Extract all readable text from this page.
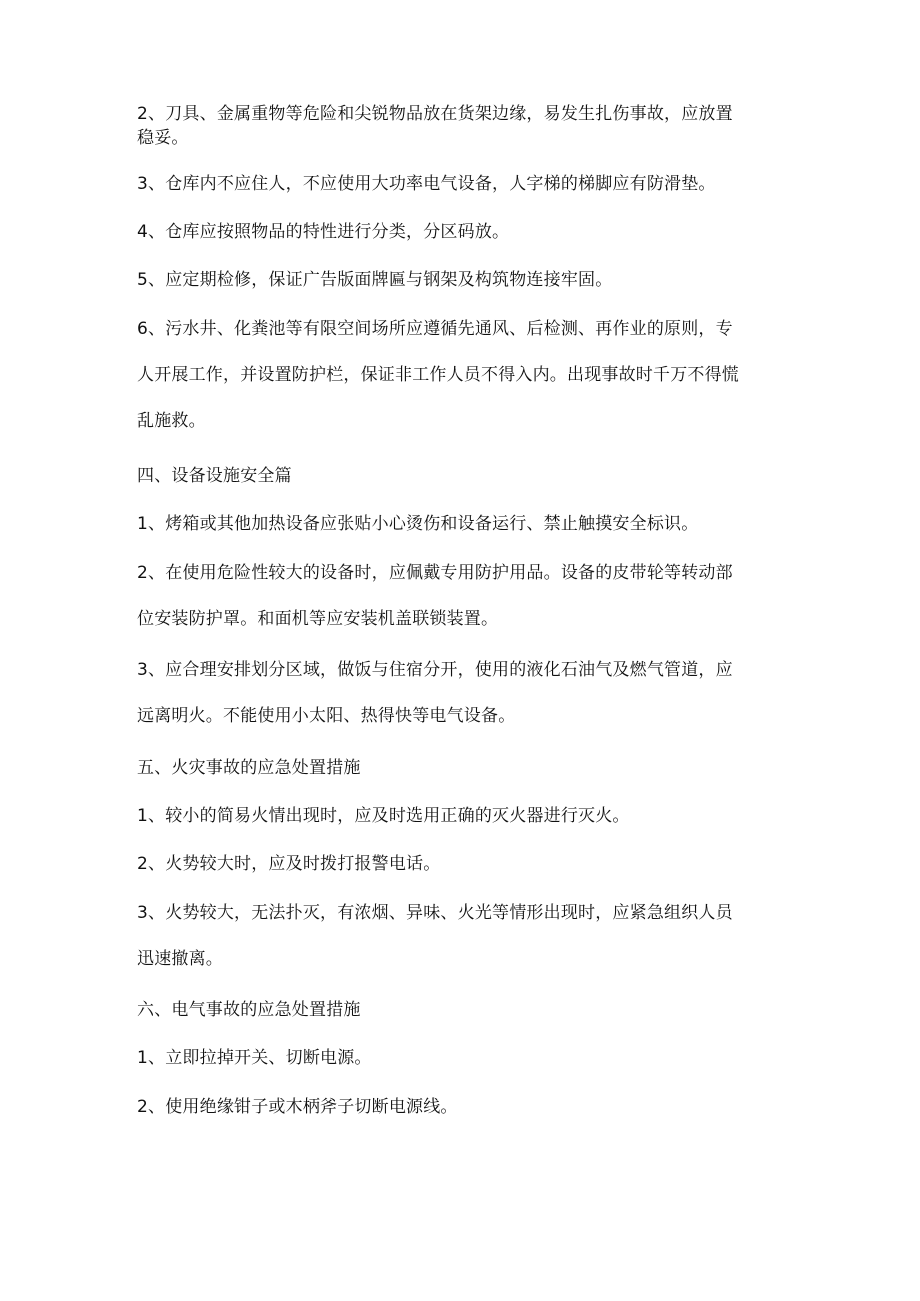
2、刀具、金属重物等危险和尖锐物品放在货架边缘，易发生扎伤事故，应放置
稳妥。
3、仓库内不应住人，不应使用大功率电气设备，人字梯的梯脚应有防滑垫。
4、仓库应按照物品的特性进行分类，分区码放。
5、应定期检修，保证广告版面牌匾与钢架及构筑物连接牢固。
6、污水井、化粪池等有限空间场所应遵循先通风、后检测、再作业的原则，专
人开展工作，并设置防护栏，保证非工作人员不得入内。出现事故时千万不得慌
乱施救。
四、设备设施安全篇
1、烤箱或其他加热设备应张贴小心烫伤和设备运行、禁止触摸安全标识。
2、在使用危险性较大的设备时，应佩戴专用防护用品。设备的皮带轮等转动部
位安装防护罩。和面机等应安装机盖联锁装置。
3、应合理安排划分区域，做饭与住宿分开，使用的液化石油气及燃气管道，应
远离明火。不能使用小太阳、热得快等电气设备。
五、火灾事故的应急处置措施
1、较小的简易火情出现时，应及时选用正确的灭火器进行灭火。
2、火势较大时，应及时拨打报警电话。
3、火势较大，无法扑灭，有浓烟、异味、火光等情形出现时，应紧急组织人员
迅速撤离。
六、电气事故的应急处置措施
1、立即拉掉开关、切断电源。
2、使用绝缘钳子或木柄斧子切断电源线。
